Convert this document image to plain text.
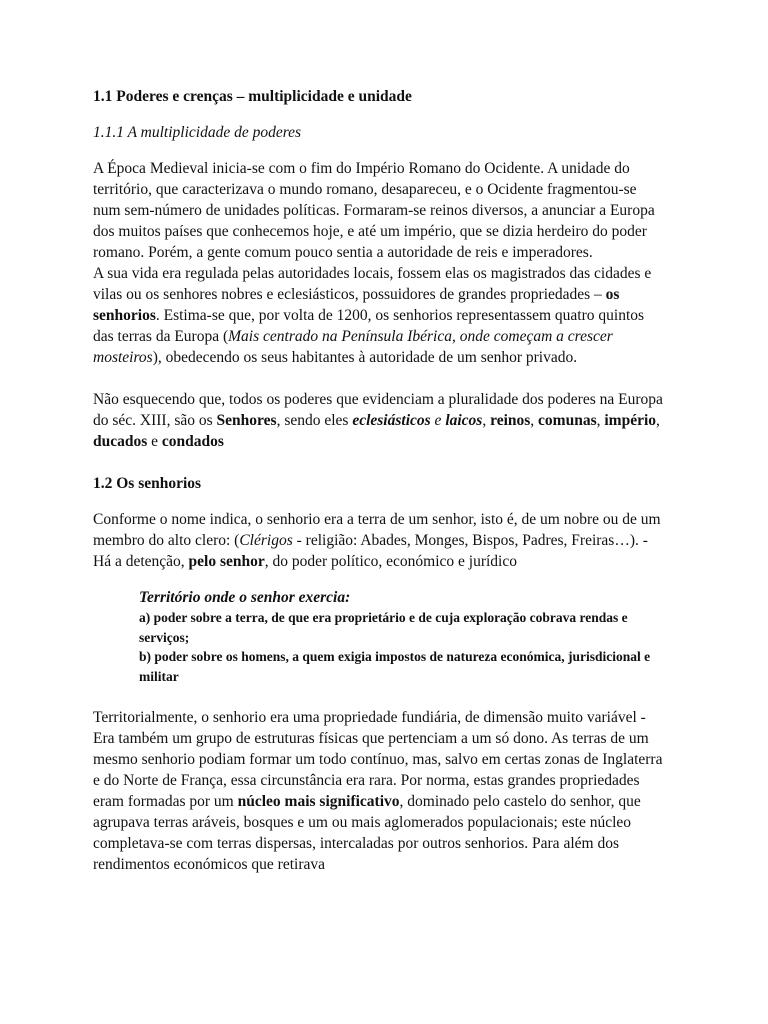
1.1 Poderes e crenças – multiplicidade e unidade
1.1.1 A multiplicidade de poderes

A Época Medieval inicia-se com o fim do Império Romano do Ocidente. A unidade do território, que caracterizava o mundo romano, desapareceu, e o Ocidente fragmentou-se num sem-número de unidades políticas. Formaram-se reinos diversos, a anunciar a Europa dos muitos países que conhecemos hoje, e até um império, que se dizia herdeiro do poder romano. Porém, a gente comum pouco sentia a autoridade de reis e imperadores.

A sua vida era regulada pelas autoridades locais, fossem elas os magistrados das cidades e vilas ou os senhores nobres e eclesiásticos, possuidores de grandes propriedades – os senhorios. Estima-se que, por volta de 1200, os senhorios representassem quatro quintos das terras da Europa (Mais centrado na Península Ibérica, onde começam a crescer mosteiros), obedecendo os seus habitantes à autoridade de um senhor privado.

Não esquecendo que, todos os poderes que evidenciam a pluralidade dos poderes na Europa do séc. XIII, são os Senhores, sendo eles eclesiásticos e laicos, reinos, comunas, império, ducados e condados

1.2 Os senhorios

Conforme o nome indica, o senhorio era a terra de um senhor, isto é, de um nobre ou de um membro do alto clero: (Clérigos - religião: Abades, Monges, Bispos, Padres, Freiras…). - Há a detenção, pelo senhor, do poder político, económico e jurídico

Território onde o senhor exercia:
a) poder sobre a terra, de que era proprietário e de cuja exploração cobrava rendas e serviços;
b) poder sobre os homens, a quem exigia impostos de natureza económica, jurisdicional e militar

Territorialmente, o senhorio era uma propriedade fundiária, de dimensão muito variável - Era também um grupo de estruturas físicas que pertenciam a um só dono. As terras de um mesmo senhorio podiam formar um todo contínuo, mas, salvo em certas zonas de Inglaterra e do Norte de França, essa circunstância era rara. Por norma, estas grandes propriedades eram formadas por um núcleo mais significativo, dominado pelo castelo do senhor, que agrupava terras aráveis, bosques e um ou mais aglomerados populacionais; este núcleo completava-se com terras dispersas, intercaladas por outros senhorios. Para além dos rendimentos económicos que retirava
